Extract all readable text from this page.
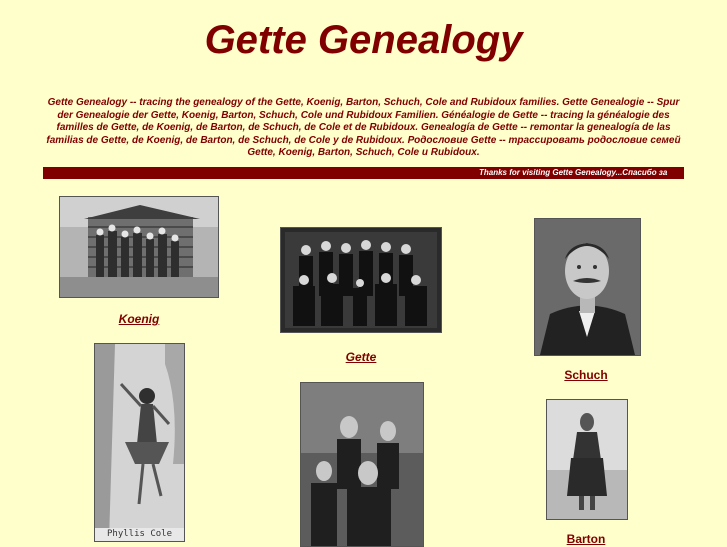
Gette Genealogy
Gette Genealogy -- tracing the genealogy of the Gette, Koenig, Barton, Schuch, Cole and Rubidoux families. Gette Genealogie -- Spur der Genealogie der Gette, Koenig, Barton, Schuch, Cole und Rubidoux Familien. Généalogie de Gette -- tracing la généalogie des familles de Gette, de Koenig, de Barton, de Schuch, de Cole et de Rubidoux. Genealogía de Gette -- remontar la genealogía de las familias de Gette, de Koenig, de Barton, de Schuch, de Cole y de Rubidoux. Родословие Gette -- трассировать родословие семей Gette, Koenig, Barton, Schuch, Cole и Rubidoux.
Thanks for visiting Gette Genealogy...Спасибо за
Koenig
Gette
Schuch
Phyllis Cole	Barton
